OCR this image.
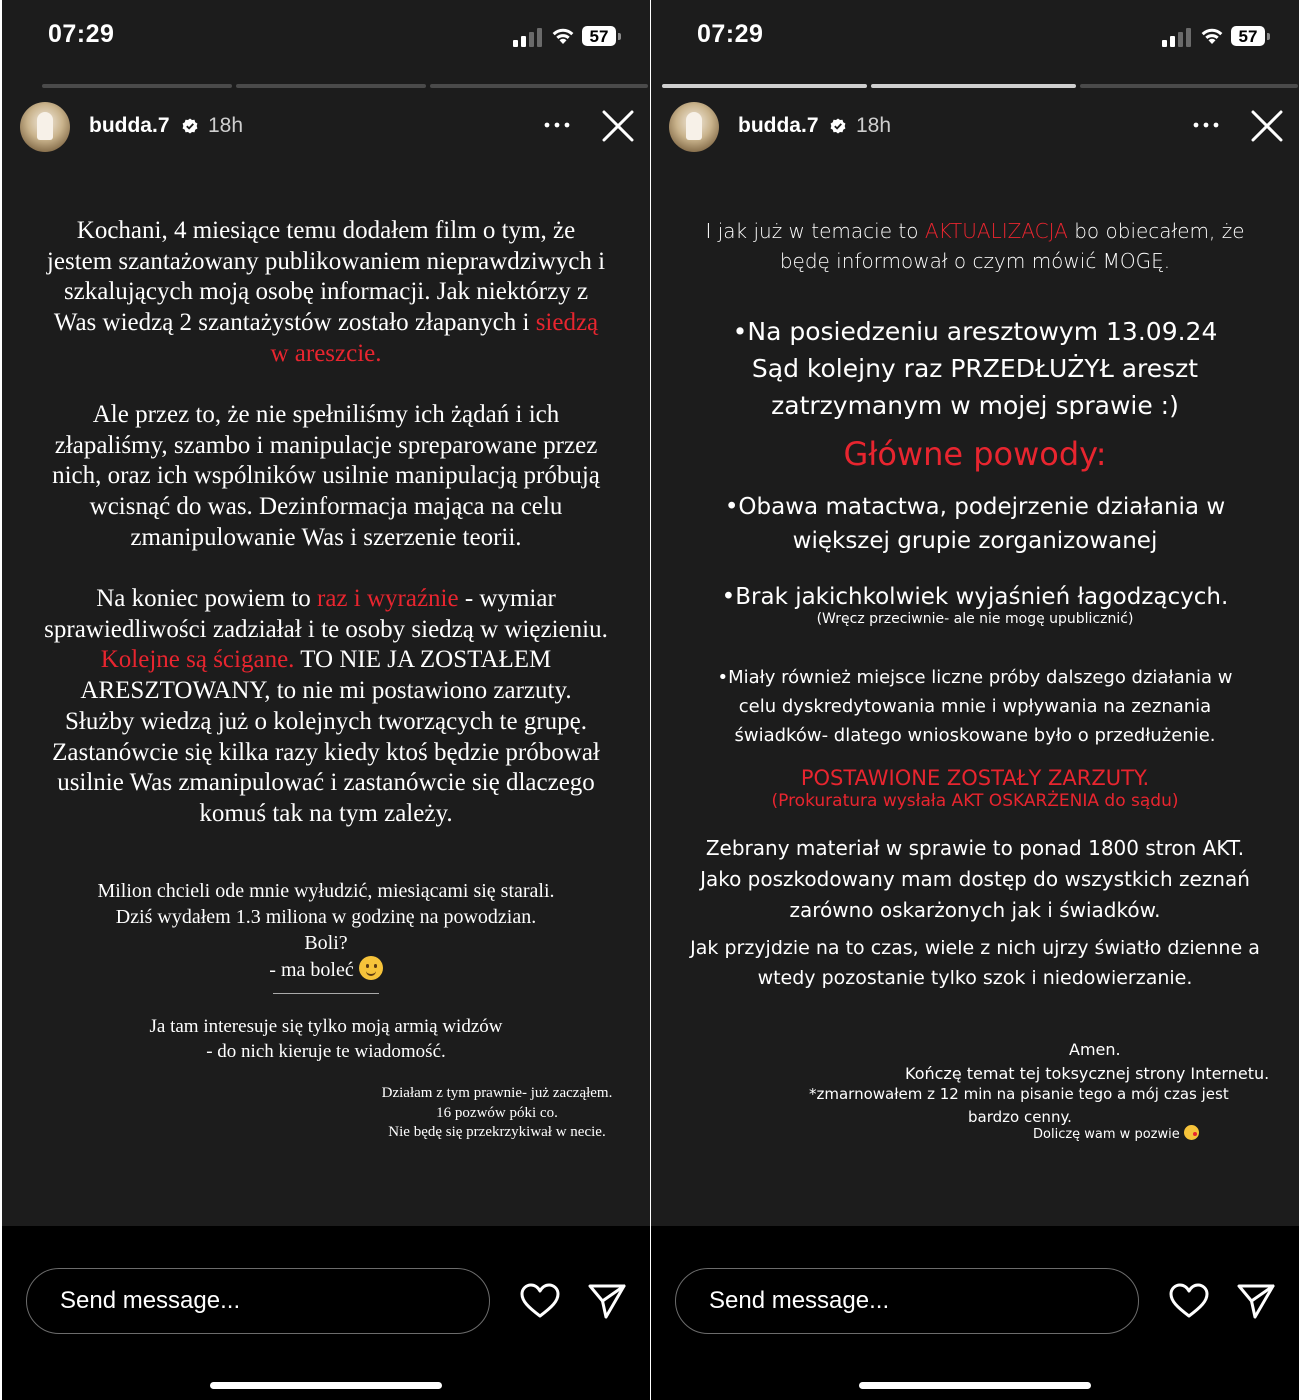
07:29	57
budda.7 18h
Kochani, 4 miesiące temu dodałem film o tym, że
jestem szantażowany publikowaniem nieprawdziwych i
szkalujących moją osobę informacji. Jak niektórzy z
Was wiedzą 2 szantażystów zostało złapanych i siedzą
w areszcie.
Ale przez to, że nie spełniliśmy ich żądań i ich
złapaliśmy, szambo i manipulacje spreparowane przez
nich, oraz ich wspólników usilnie manipulacją próbują
wcisnąć do was. Dezinformacja mająca na celu
zmanipulowanie Was i szerzenie teorii.
Na koniec powiem to raz i wyraźnie - wymiar
sprawiedliwości zadziałał i te osoby siedzą w więzieniu.
Kolejne są ścigane. TO NIE JA ZOSTAŁEM
ARESZTOWANY, to nie mi postawiono zarzuty.
Służby wiedzą już o kolejnych tworzących te grupę.
Zastanówcie się kilka razy kiedy ktoś będzie próbował
usilnie Was zmanipulować i zastanówcie się dlaczego
komuś tak na tym zależy.
Milion chcieli ode mnie wyłudzić, miesiącami się starali.
Dziś wydałem 1.3 miliona w godzinę na powodzian.
Boli?
- ma boleć
Ja tam interesuje się tylko moją armią widzów
- do nich kieruje te wiadomość.
Działam z tym prawnie- już zacząłem.
16 pozwów póki co.
Nie będę się przekrzykiwał w necie.
Send message...
07:29	57
budda.7 18h
I jak już w temacie to AKTUALIZACJA bo obiecałem, że
będę informował o czym mówić MOGĘ.
•Na posiedzeniu aresztowym 13.09.24
Sąd kolejny raz PRZEDŁUŻYŁ areszt
zatrzymanym w mojej sprawie :)
Główne powody:
•Obawa matactwa, podejrzenie działania w
większej grupie zorganizowanej
•Brak jakichkolwiek wyjaśnień łagodzących.
(Wręcz przeciwnie- ale nie mogę upublicznić)
•Miały również miejsce liczne próby dalszego działania w
celu dyskredytowania mnie i wpływania na zeznania
świadków- dlatego wnioskowane było o przedłużenie.
POSTAWIONE ZOSTAŁY ZARZUTY.
(Prokuratura wysłała AKT OSKARŻENIA do sądu)
Zebrany materiał w sprawie to ponad 1800 stron AKT.
Jako poszkodowany mam dostęp do wszystkich zeznań
zarówno oskarżonych jak i świadków.
Jak przyjdzie na to czas, wiele z nich ujrzy światło dzienne a
wtedy pozostanie tylko szok i niedowierzanie.
Amen.
Kończę temat tej toksycznej strony Internetu.
*zmarnowałem z 12 min na pisanie tego a mój czas jest
bardzo cenny.
Doliczę wam w pozwie
Send message...
